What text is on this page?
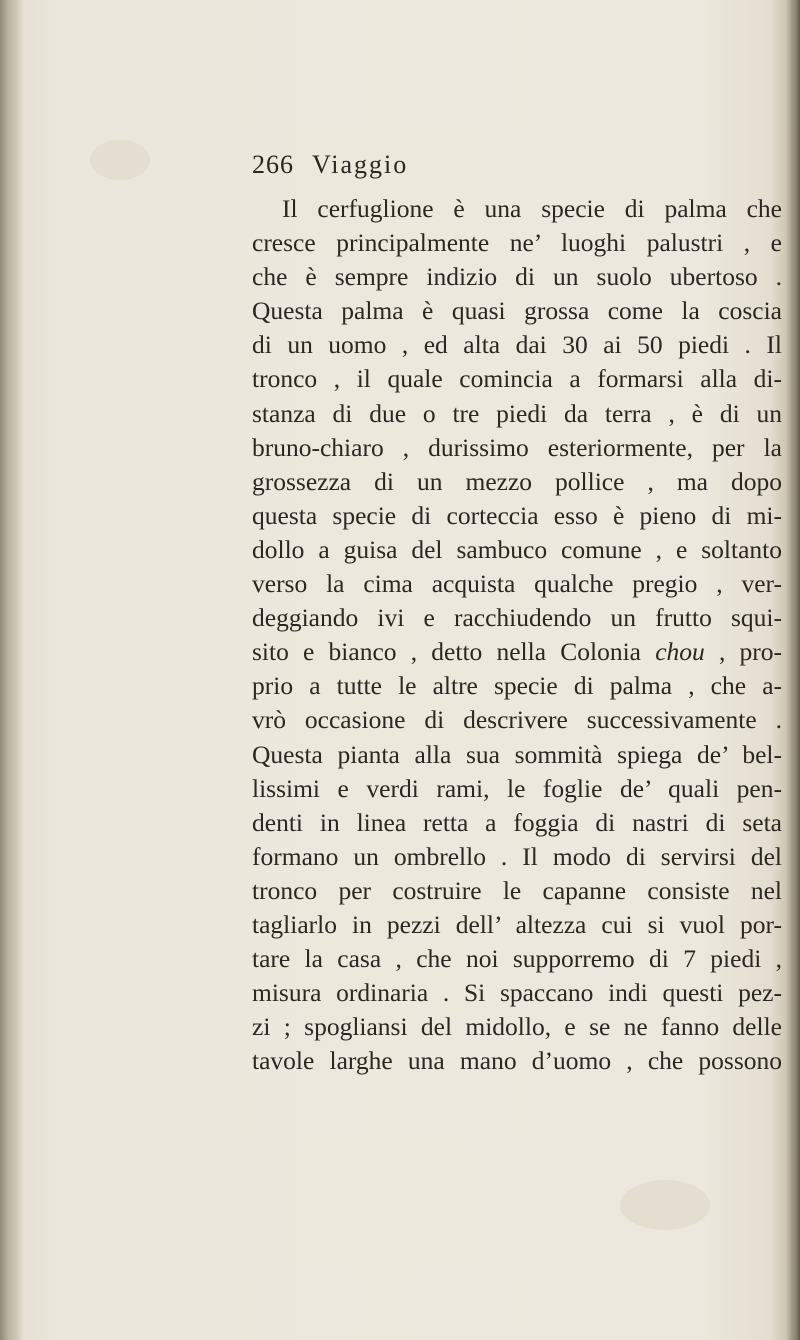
266 Viaggio
Il cerfuglione è una specie di palma che
cresce principalmente ne’ luoghi palustri , e
che è sempre indizio di un suolo ubertoso .
Questa palma è quasi grossa come la coscia
di un uomo , ed alta dai 30 ai 50 piedi . Il
tronco , il quale comincia a formarsi alla di-
stanza di due o tre piedi da terra , è di un
bruno-chiaro , durissimo esteriormente, per la
grossezza di un mezzo pollice , ma dopo
questa specie di corteccia esso è pieno di mi-
dollo a guisa del sambuco comune , e soltanto
verso la cima acquista qualche pregio , ver-
deggiando ivi e racchiudendo un frutto squi-
sito e bianco , detto nella Colonia chou , pro-
prio a tutte le altre specie di palma , che a-
vrò occasione di descrivere successivamente .
Questa pianta alla sua sommità spiega de’ bel-
lissimi e verdi rami, le foglie de’ quali pen-
denti in linea retta a foggia di nastri di seta
formano un ombrello . Il modo di servirsi del
tronco per costruire le capanne consiste nel
tagliarlo in pezzi dell’ altezza cui si vuol por-
tare la casa , che noi supporremo di 7 piedi ,
misura ordinaria . Si spaccano indi questi pez-
zi ; spogliansi del midollo, e se ne fanno delle
tavole larghe una mano d’uomo , che possono
